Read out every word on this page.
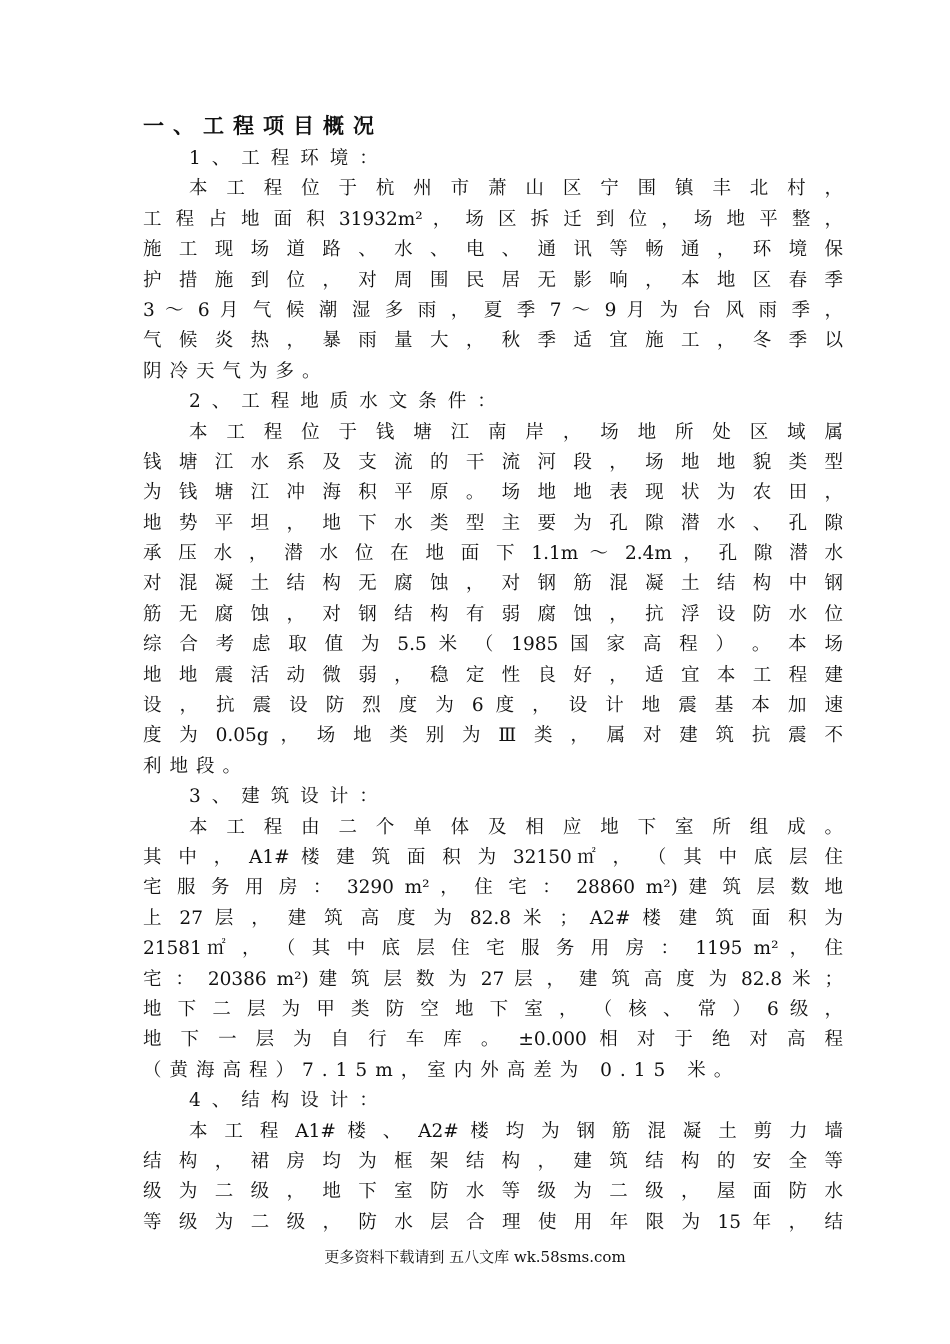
一、工程项目概况
1、工程环境：
本 工 程 位 于 杭 州 市 萧 山 区 宁 围 镇 丰 北 村 ，
工 程 占 地 面 积 31932m² ， 场 区 拆 迁 到 位 ， 场 地 平 整 ，
施 工 现 场 道 路 、 水 、 电 、 通 讯 等 畅 通 ， 环 境 保
护 措 施 到 位 ， 对 周 围 民 居 无 影 响 ， 本 地 区 春 季
3 ～ 6 月 气 候 潮 湿 多 雨 ， 夏 季 7 ～ 9 月 为 台 风 雨 季 ，
气 候 炎 热 ， 暴 雨 量 大 ， 秋 季 适 宜 施 工 ， 冬 季 以
阴冷天气为多。
2、工程地质水文条件：
本 工 程 位 于 钱 塘 江 南 岸 ， 场 地 所 处 区 域 属
钱 塘 江 水 系 及 支 流 的 干 流 河 段 ， 场 地 地 貌 类 型
为 钱 塘 江 冲 海 积 平 原 。 场 地 地 表 现 状 为 农 田 ，
地 势 平 坦 ， 地 下 水 类 型 主 要 为 孔 隙 潜 水 、 孔 隙
承 压 水 ， 潜 水 位 在 地 面 下 1.1m ～ 2.4m ， 孔 隙 潜 水
对 混 凝 土 结 构 无 腐 蚀 ， 对 钢 筋 混 凝 土 结 构 中 钢
筋 无 腐 蚀 ， 对 钢 结 构 有 弱 腐 蚀 ， 抗 浮 设 防 水 位
综 合 考 虑 取 值 为 5.5 米 （ 1985 国 家 高 程 ） 。 本 场
地 地 震 活 动 微 弱 ， 稳 定 性 良 好 ， 适 宜 本 工 程 建
设 ， 抗 震 设 防 烈 度 为 6 度 ， 设 计 地 震 基 本 加 速
度 为 0.05g ， 场 地 类 别 为 Ⅲ 类 ， 属 对 建 筑 抗 震 不
利地段。
3、建筑设计：
本 工 程 由 二 个 单 体 及 相 应 地 下 室 所 组 成 。
其 中 ， A1# 楼 建 筑 面 积 为 32150㎡ ， （ 其 中 底 层 住
宅 服 务 用 房 ： 3290 m² ， 住 宅 ： 28860 m²) 建 筑 层 数 地
上 27 层 ， 建 筑 高 度 为 82.8 米 ； A2# 楼 建 筑 面 积 为
21581㎡ ， （ 其 中 底 层 住 宅 服 务 用 房 ： 1195 m² ， 住
宅 ： 20386 m²) 建 筑 层 数 为 27 层 ， 建 筑 高 度 为 82.8 米 ；
地 下 二 层 为 甲 类 防 空 地 下 室 ， （ 核 、 常 ） 6 级 ，
地 下 一 层 为 自 行 车 库 。 ±0.000 相 对 于 绝 对 高 程
（黄海高程）7.15m，室内外高差为 0.15 米。
4、结构设计：
本 工 程 A1# 楼 、 A2# 楼 均 为 钢 筋 混 凝 土 剪 力 墙
结 构 ， 裙 房 均 为 框 架 结 构 ， 建 筑 结 构 的 安 全 等
级 为 二 级 ， 地 下 室 防 水 等 级 为 二 级 ， 屋 面 防 水
等 级 为 二 级 ， 防 水 层 合 理 使 用 年 限 为 15 年 ， 结
更多资料下载请到 五八文库 wk.58sms.com
